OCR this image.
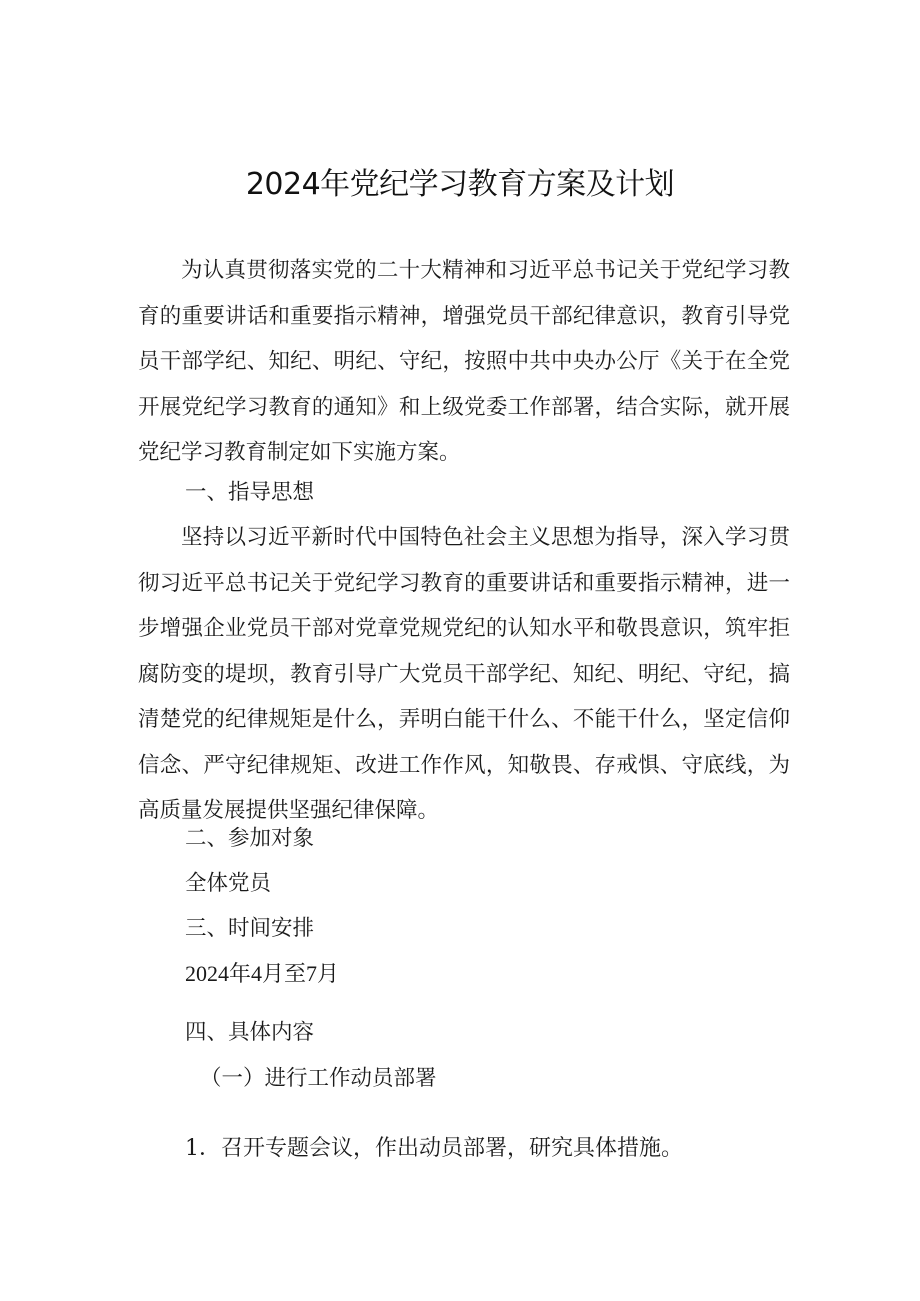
2024年党纪学习教育方案及计划

为认真贯彻落实党的二十大精神和习近平总书记关于党纪学习教育的重要讲话和重要指示精神，增强党员干部纪律意识，教育引导党员干部学纪、知纪、明纪、守纪，按照中共中央办公厅《关于在全党开展党纪学习教育的通知》和上级党委工作部署，结合实际，就开展党纪学习教育制定如下实施方案。

一、指导思想

坚持以习近平新时代中国特色社会主义思想为指导，深入学习贯彻习近平总书记关于党纪学习教育的重要讲话和重要指示精神，进一步增强企业党员干部对党章党规党纪的认知水平和敬畏意识，筑牢拒腐防变的堤坝，教育引导广大党员干部学纪、知纪、明纪、守纪，搞清楚党的纪律规矩是什么，弄明白能干什么、不能干什么，坚定信仰信念、严守纪律规矩、改进工作作风，知敬畏、存戒惧、守底线，为高质量发展提供坚强纪律保障。

二、参加对象

全体党员

三、时间安排

2024年4月至7月

四、具体内容

（一）进行工作动员部署

1．召开专题会议，作出动员部署，研究具体措施。
